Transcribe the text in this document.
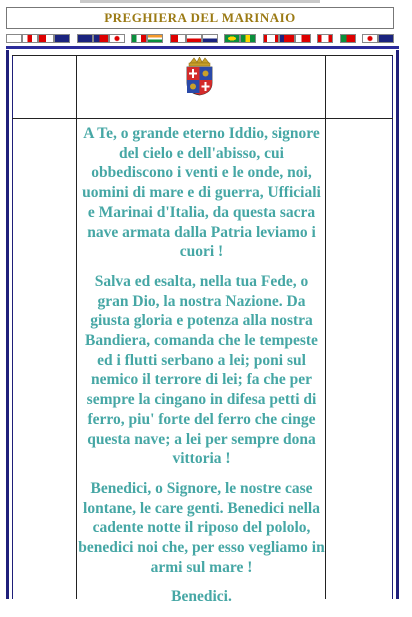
PREGHIERA DEL MARINAIO

A Te, o grande eterno Iddio, signore del cielo e dell'abisso, cui obbediscono i venti e le onde, noi, uomini di mare e di guerra, Ufficiali e Marinai d'Italia, da questa sacra nave armata dalla Patria leviamo i cuori !

Salva ed esalta, nella tua Fede, o gran Dio, la nostra Nazione. Da giusta gloria e potenza alla nostra Bandiera, comanda che le tempeste ed i flutti serbano a lei; poni sul nemico il terrore di lei; fa che per sempre la cingano in difesa petti di ferro, piu' forte del ferro che cinge questa nave; a lei per sempre dona vittoria !

Benedici, o Signore, le nostre case lontane, le care genti. Benedici nella cadente notte il riposo del pololo, benedici noi che, per esso vegliamo in armi sul mare !

Benedici.
